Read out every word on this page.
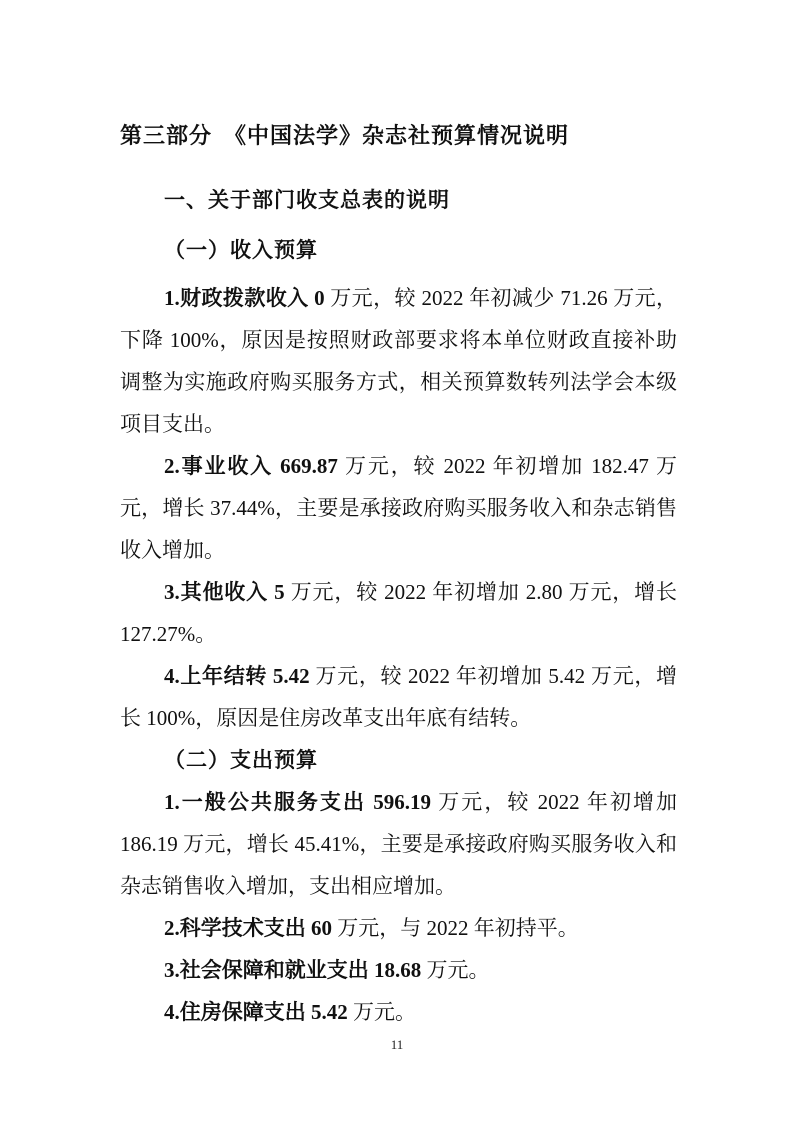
第三部分　《中国法学》杂志社预算情况说明
一、关于部门收支总表的说明
（一）收入预算

1.财政拨款收入 0 万元，较 2022 年初减少 71.26 万元，下降 100%，原因是按照财政部要求将本单位财政直接补助调整为实施政府购买服务方式，相关预算数转列法学会本级项目支出。

2.事业收入 669.87 万元，较 2022 年初增加 182.47 万元，增长 37.44%，主要是承接政府购买服务收入和杂志销售收入增加。

3.其他收入 5 万元，较 2022 年初增加 2.80 万元，增长 127.27%。

4.上年结转 5.42 万元，较 2022 年初增加 5.42 万元，增长 100%，原因是住房改革支出年底有结转。

（二）支出预算

1.一般公共服务支出 596.19 万元，较 2022 年初增加 186.19 万元，增长 45.41%，主要是承接政府购买服务收入和杂志销售收入增加，支出相应增加。

2.科学技术支出 60 万元，与 2022 年初持平。

3.社会保障和就业支出 18.68 万元。

4.住房保障支出 5.42 万元。

11
